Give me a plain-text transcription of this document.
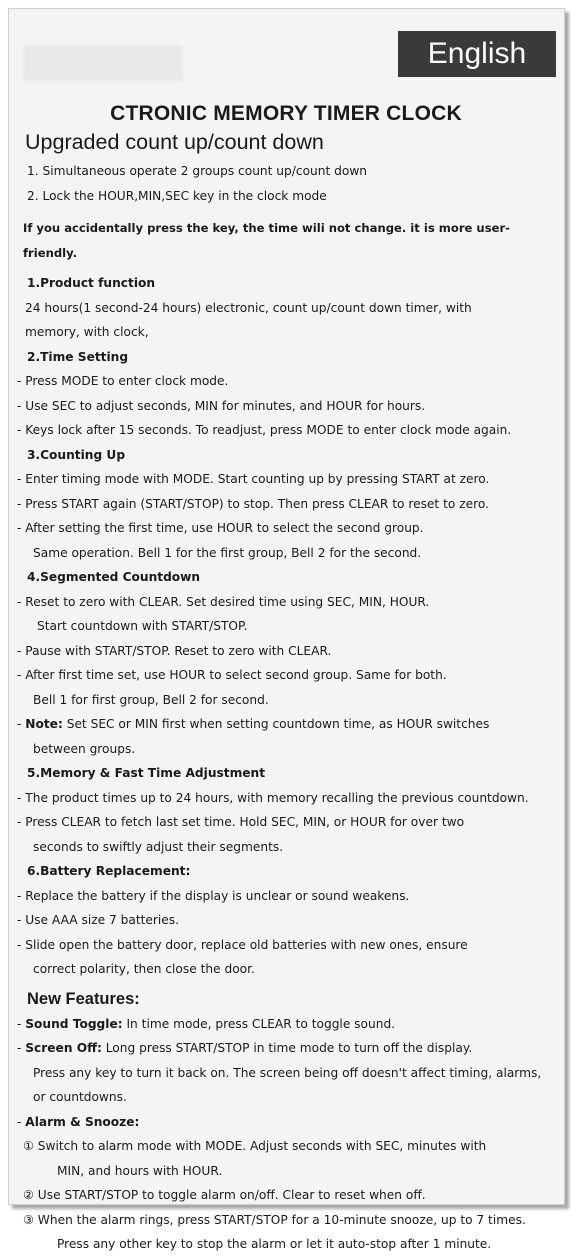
English
CTRONIC MEMORY TIMER CLOCK
Upgraded count up/count down
1. Simultaneous operate 2 groups count up/count down
2. Lock the HOUR,MIN,SEC key in the clock mode
If you accidentally press the key, the time wili not change. it is more user-friendly.
1.Product function
24 hours(1 second-24 hours) electronic, count up/count down timer, with
memory, with clock,
2.Time Setting
- Press MODE to enter clock mode.
- Use SEC to adjust seconds, MIN for minutes, and HOUR for hours.
- Keys lock after 15 seconds. To readjust, press MODE to enter clock mode again.
3.Counting Up
- Enter timing mode with MODE. Start counting up by pressing START at zero.
- Press START again (START/STOP) to stop. Then press CLEAR to reset to zero.
- After setting the first time, use HOUR to select the second group.
Same operation. Bell 1 for the first group, Bell 2 for the second.
4.Segmented Countdown
- Reset to zero with CLEAR. Set desired time using SEC, MIN, HOUR.
Start countdown with START/STOP.
- Pause with START/STOP. Reset to zero with CLEAR.
- After first time set, use HOUR to select second group. Same for both.
Bell 1 for first group, Bell 2 for second.
- Note: Set SEC or MIN first when setting countdown time, as HOUR switches
between groups.
5.Memory & Fast Time Adjustment
- The product times up to 24 hours, with memory recalling the previous countdown.
- Press CLEAR to fetch last set time. Hold SEC, MIN, or HOUR for over two
seconds to swiftly adjust their segments.
6.Battery Replacement:
- Replace the battery if the display is unclear or sound weakens.
- Use AAA size 7 batteries.
- Slide open the battery door, replace old batteries with new ones, ensure
correct polarity, then close the door.
New Features:
- Sound Toggle: In time mode, press CLEAR to toggle sound.
- Screen Off: Long press START/STOP in time mode to turn off the display.
Press any key to turn it back on. The screen being off doesn't affect timing, alarms,
or countdowns.
- Alarm & Snooze:
① Switch to alarm mode with MODE. Adjust seconds with SEC, minutes with
MIN, and hours with HOUR.
② Use START/STOP to toggle alarm on/off. Clear to reset when off.
③ When the alarm rings, press START/STOP for a 10-minute snooze, up to 7 times.
Press any other key to stop the alarm or let it auto-stop after 1 minute.
